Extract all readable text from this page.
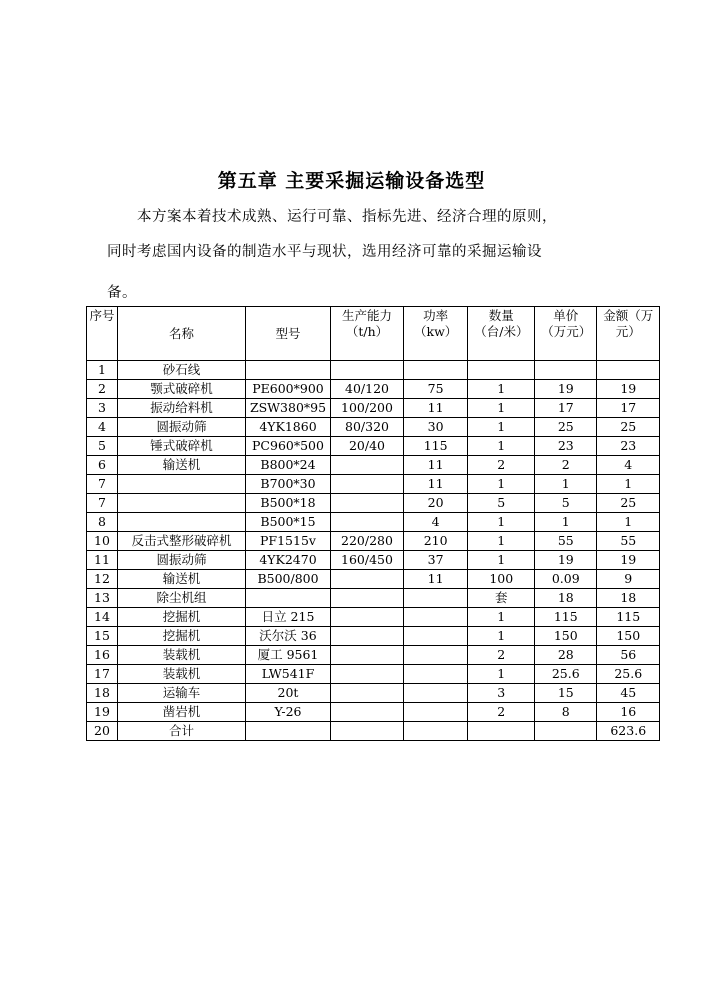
第五章 主要采掘运输设备选型
本方案本着技术成熟、运行可靠、指标先进、经济合理的原则，
同时考虑国内设备的制造水平与现状，选用经济可靠的采掘运输设
备。
序号	名称	型号	生产能力（t/h）	功率（kw）	数量（台/米）	单价（万元）	金额（万元）
1	砂石线						
2	颚式破碎机	PE600*900	40/120	75	1	19	19
3	振动给料机	ZSW380*95	100/200	11	1	17	17
4	圆振动筛	4YK1860	80/320	30	1	25	25
5	锤式破碎机	PC960*500	20/40	115	1	23	23
6	输送机	B800*24		11	2	2	4
7		B700*30		11	1	1	1
7		B500*18		20	5	5	25
8		B500*15		4	1	1	1
10	反击式整形破碎机	PF1515v	220/280	210	1	55	55
11	圆振动筛	4YK2470	160/450	37	1	19	19
12	输送机	B500/800		11	100	0.09	9
13	除尘机组				套	18	18
14	挖掘机	日立 215			1	115	115
15	挖掘机	沃尔沃 36			1	150	150
16	装载机	厦工 9561			2	28	56
17	装载机	LW541F			1	25.6	25.6
18	运输车	20t			3	15	45
19	凿岩机	Y-26			2	8	16
20	合计						623.6
